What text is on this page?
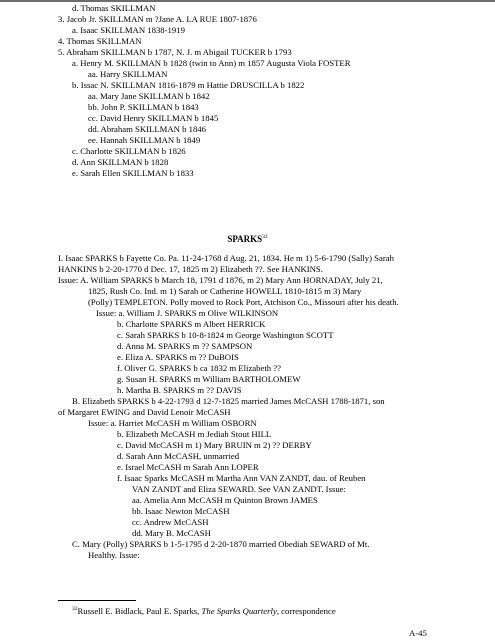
d. Thomas SKILLMAN
3. Jacob Jr. SKILLMAN m ?Jane A. LA RUE 1807-1876
a. Isaac SKILLMAN 1838-1919
4. Thomas SKILLMAN
5. Abraham SKILLMAN b 1787, N. J. m Abigail TUCKER b 1793
a. Henry M. SKILLMAN b 1828 (twin to Ann) m 1857 Augusta Viola FOSTER
aa. Harry SKILLMAN
b. Issac N. SKILLMAN 1816-1879 m Hattie DRUSCILLA b 1822
aa. Mary Jane SKILLMAN b 1842
bb. John P. SKILLMAN b 1843
cc. David Henry SKILLMAN b 1845
dd. Abraham SKILLMAN b 1846
ee. Hannah SKILLMAN b 1849
c. Charlotte SKILLMAN b 1826
d. Ann SKILLMAN b 1828
e. Sarah Ellen SKILLMAN b 1833
SPARKS$^{32}$
I. Isaac SPARKS b Fayette Co. Pa. 11-24-1768 d Aug. 21, 1834. He m 1) 5-6-1790 (Sally) Sarah
HANKINS b 2-20-1770 d Dec. 17, 1825 m 2) Elizabeth ??. See HANKINS.
Issue: A. William SPARKS b March 18, 1791 d 1876, m 2) Mary Ann HORNADAY, July 21,
1825, Rush Co. Ind. m 1) Sarah or Catherine HOWELL 1810-1815 m 3) Mary
(Polly) TEMPLETON. Polly moved to Rock Port, Atchison Co., Missouri after his death.
Issue: a. William J. SPARKS m Olive WILKINSON
b. Charlotte SPARKS m Albert HERRICK
c. Sarah SPARKS b 10-8-1824 m George Washington SCOTT
d. Anna M. SPARKS m ?? SAMPSON
e. Eliza A. SPARKS m ?? DuBOIS
f. Oliver G. SPARKS b ca 1832 m Elizabeth ??
g. Susan H. SPARKS m William BARTHOLOMEW
h. Martha B. SPARKS m ?? DAVIS
B. Elizabeth SPARKS b 4-22-1793 d 12-7-1825 married James McCASH 1788-1871, son
of Margaret EWING and David Lenoir McCASH
Issue: a. Harriet McCASH m William OSBORN
b. Elizabeth McCASH m Jediah Stout HILL
c. David McCASH m 1) Mary BRUIN m 2) ?? DERBY
d. Sarah Ann McCASH, unmarried
e. Israel McCASH m Sarah Ann LOPER
f. Isaac Sparks McCASH m Martha Ann VAN ZANDT, dau. of Reuben
VAN ZANDT and Eliza SEWARD. See VAN ZANDT. Issue:
aa. Amelia Ann McCASH m Quinton Brown JAMES
bb. Isaac Newton McCASH
cc. Andrew McCASH
dd. Mary B. McCASH
C. Mary (Polly) SPARKS b 1-5-1795 d 2-20-1870 married Obediah SEWARD of Mt.
Healthy. Issue:
$^{32}$Russell E. Bidlack, Paul E. Sparks, The Sparks Quarterly, correspondence
A-45
